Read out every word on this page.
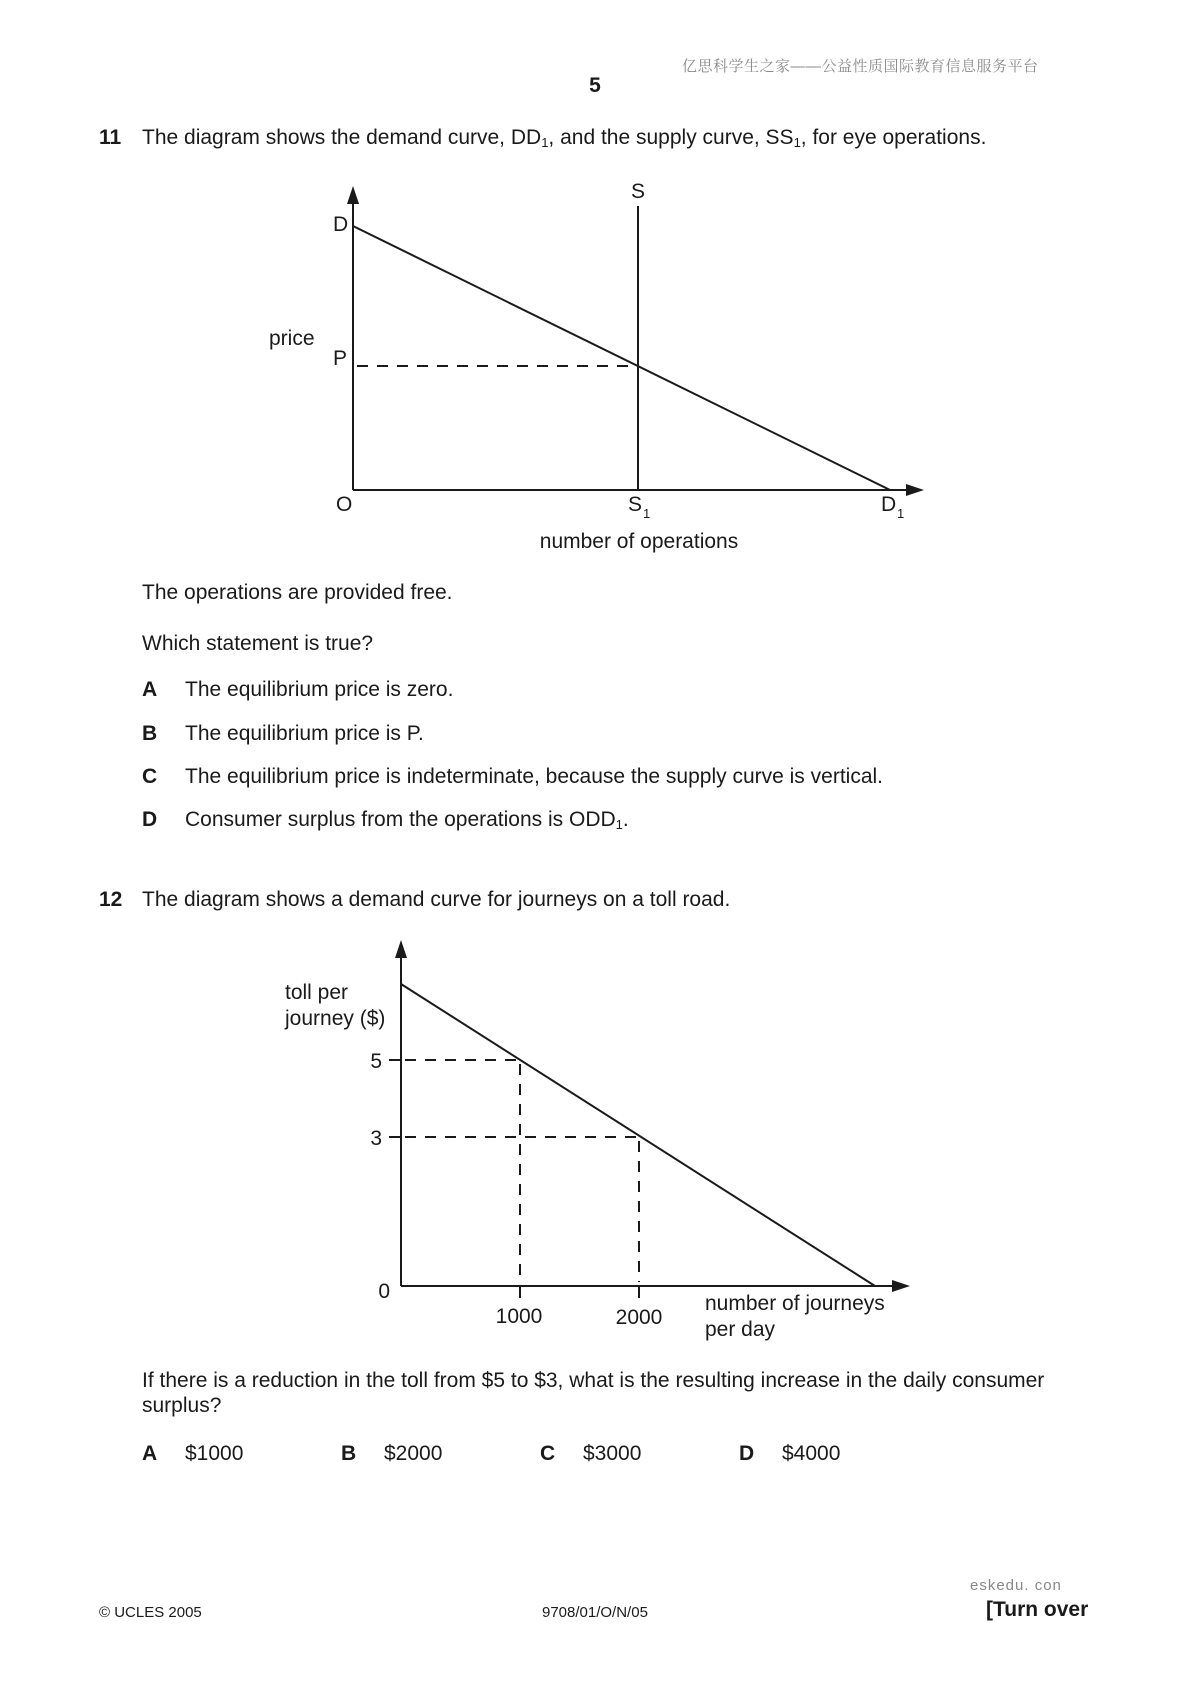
亿思科学生之家——公益性质国际教育信息服务平台
5
11 The diagram shows the demand curve, $DD_1$, and the supply curve, $SS_1$, for eye operations.
S
D
price
P
O	S 1	D 1
number of operations
The operations are provided free.
Which statement is true?
A The equilibrium price is zero.
B The equilibrium price is P.
C The equilibrium price is indeterminate, because the supply curve is vertical.
D Consumer surplus from the operations is $ODD_1$.
12 The diagram shows a demand curve for journeys on a toll road.
toll per
journey ($)
5
3
0
1000	2000
number of journeys
per day
If there is a reduction in the toll from $5 to $3, what is the resulting increase in the daily consumer
surplus?
A $1000	B $2000	C $3000	D $4000
eskedu. con
© UCLES 2005	9708/01/O/N/05	[Turn over
